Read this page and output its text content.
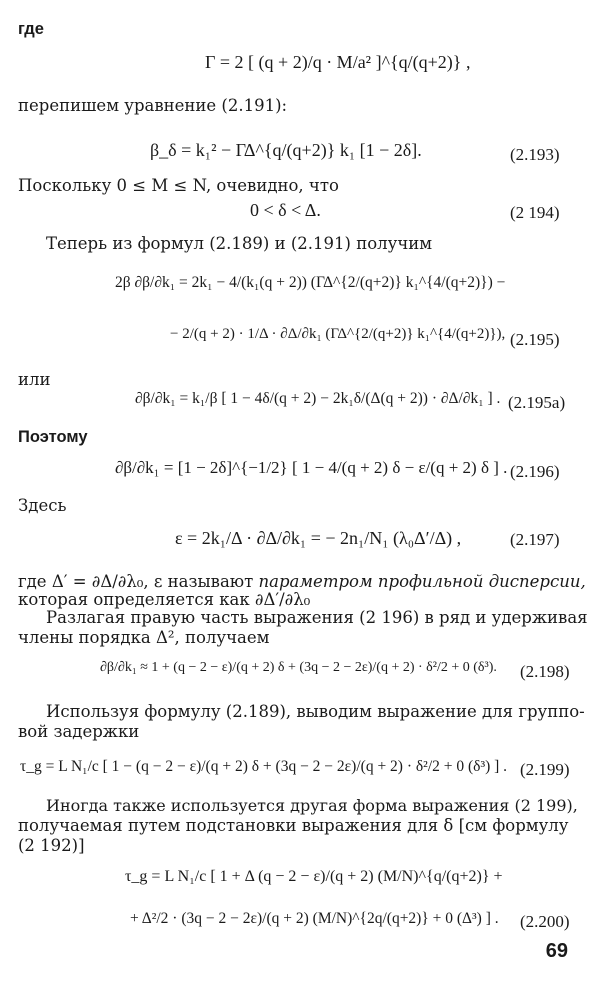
где
Γ = 2 [ (q + 2)/q · M/a² ]^{q/(q+2)} ,
перепишем уравнение (2.191):
β_δ = k₁² − ΓΔ^{q/(q+2)} k₁ [1 − 2δ].	(2.193)
Поскольку 0 ≤ M ≤ N, очевидно, что
0 < δ < Δ.	(2 194)
Теперь из формул (2.189) и (2.191) получим
2β ∂β/∂k₁ = 2k₁ − 4/(k₁(q + 2)) (ΓΔ^{2/(q+2)} k₁^{4/(q+2)}) −
− 2/(q + 2) · 1/Δ · ∂Δ/∂k₁ (ΓΔ^{2/(q+2)} k₁^{4/(q+2)}), (2.195)
или
∂β/∂k₁ = k₁/β [ 1 − 4δ/(q + 2) − 2k₁δ/(Δ(q + 2)) · ∂Δ/∂k₁ ] . (2.195a)
Поэтому
∂β/∂k₁ = [1 − 2δ]^{−1/2} [ 1 − 4/(q + 2) δ − ε/(q + 2) δ ] . (2.196)
Здесь
ε = 2k₁/Δ · ∂Δ/∂k₁ = − 2n₁/N₁ (λ₀Δ′/Δ) ,	(2.197)
где Δ′ = ∂Δ/∂λ₀, ε называют параметром профильной дисперсии,
которая определяется как ∂Δ′/∂λ₀
Разлагая правую часть выражения (2 196) в ряд и удерживая
члены порядка Δ², получаем
∂β/∂k₁ ≈ 1 + (q − 2 − ε)/(q + 2) δ + (3q − 2 − 2ε)/(q + 2) · δ²/2 + 0 (δ³). (2.198)
Используя формулу (2.189), выводим выражение для группо-
вой задержки
τ_g = L N₁/c [ 1 − (q − 2 − ε)/(q + 2) δ + (3q − 2 − 2ε)/(q + 2) · δ²/2 + 0 (δ³) ] . (2.199)
Иногда также используется другая форма выражения (2 199),
получаемая путем подстановки выражения для δ [см формулу
(2 192)]
τ_g = L N₁/c [ 1 + Δ (q − 2 − ε)/(q + 2) (M/N)^{q/(q+2)} +
+ Δ²/2 · (3q − 2 − 2ε)/(q + 2) (M/N)^{2q/(q+2)} + 0 (Δ³) ] . (2.200)
69
